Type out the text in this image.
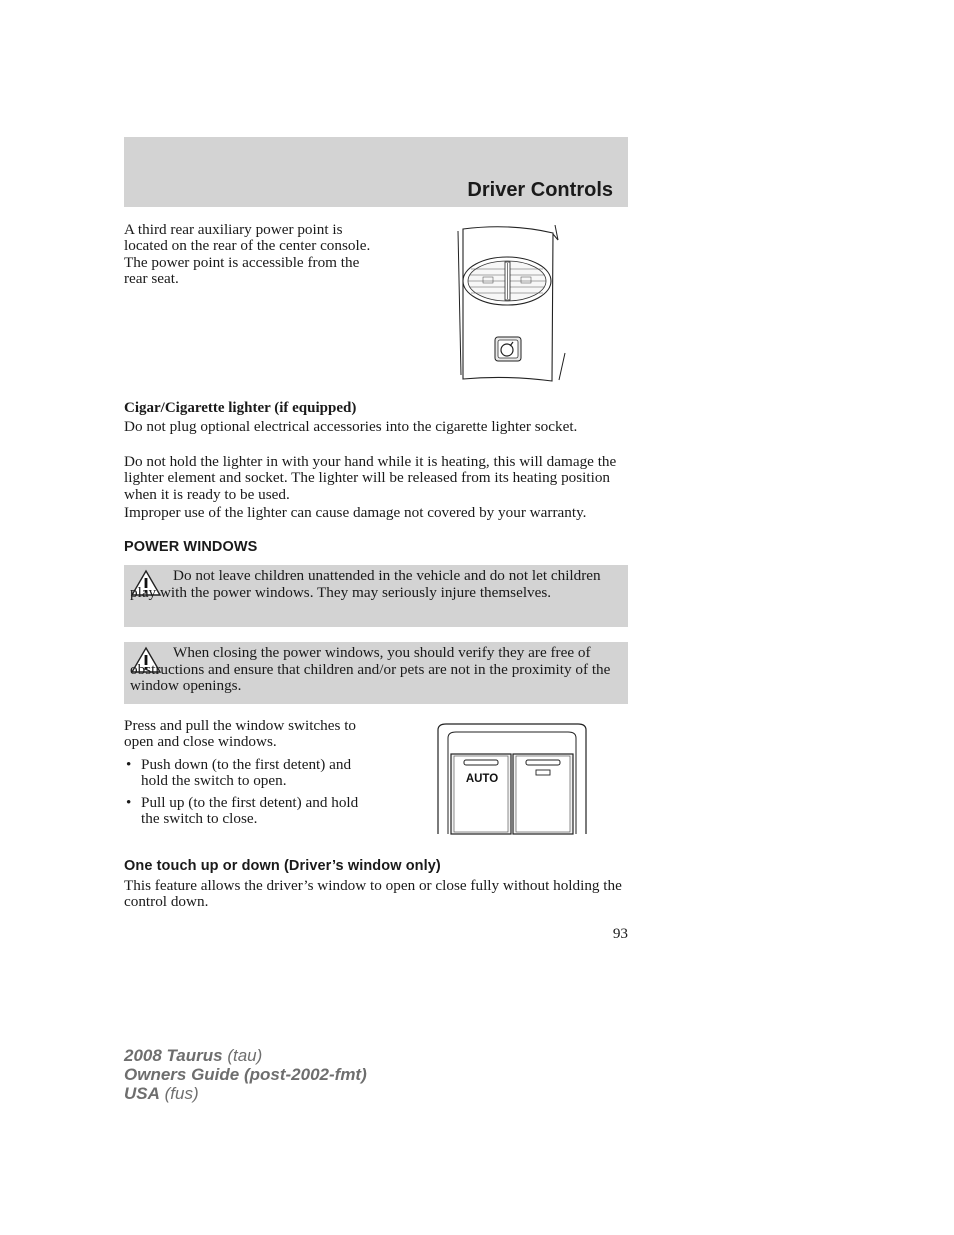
Driver Controls

A third rear auxiliary power point is located on the rear of the center console. The power point is accessible from the rear seat.

Cigar/Cigarette lighter (if equipped)

Do not plug optional electrical accessories into the cigarette lighter socket.

Do not hold the lighter in with your hand while it is heating, this will damage the lighter element and socket. The lighter will be released from its heating position when it is ready to be used.

Improper use of the lighter can cause damage not covered by your warranty.

POWER WINDOWS

Do not leave children unattended in the vehicle and do not let children play with the power windows. They may seriously injure themselves.

When closing the power windows, you should verify they are free of obstructions and ensure that children and/or pets are not in the proximity of the window openings.

Press and pull the window switches to open and close windows.

• Push down (to the first detent) and hold the switch to open.
• Pull up (to the first detent) and hold the switch to close.
AUTO
One touch up or down (Driver’s window only)

This feature allows the driver’s window to open or close fully without holding the control down.

93
2008 Taurus (tau)
Owners Guide (post-2002-fmt)
USA (fus)
